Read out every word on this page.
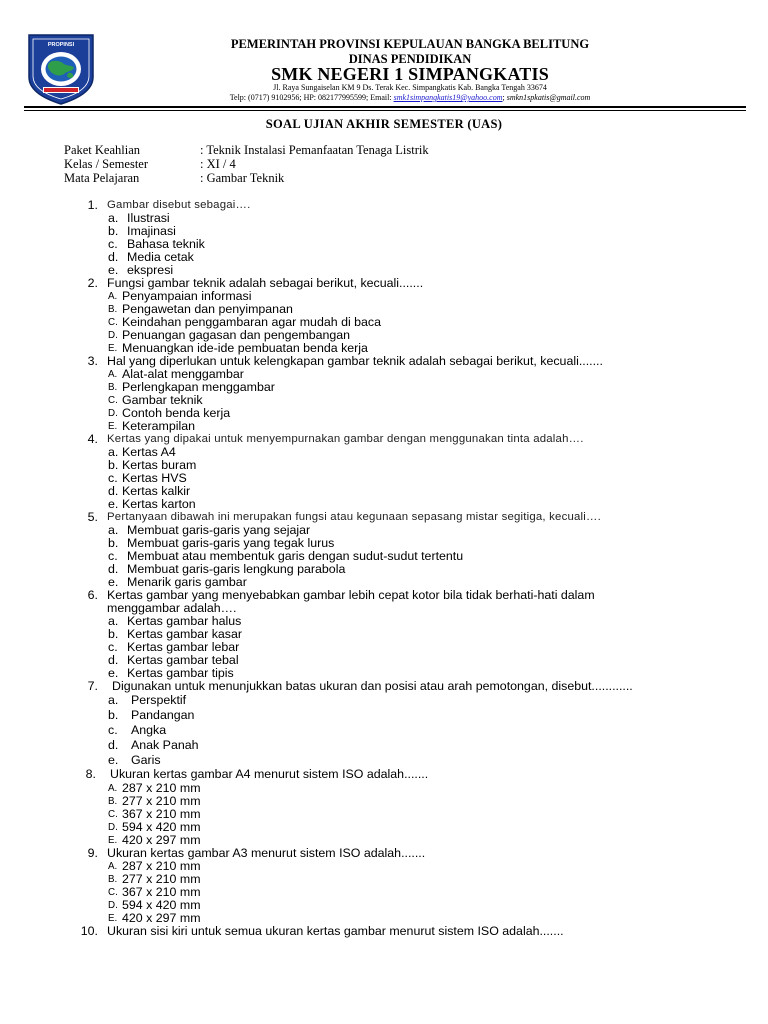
PROPINSI	PEMERINTAH PROVINSI KEPULAUAN BANGKA BELITUNG
DINAS PENDIDIKAN
SMK NEGERI 1 SIMPANGKATIS
Jl. Raya Sungaiselan KM 9 Ds. Terak Kec. Simpangkatis Kab. Bangka Tengah 33674
Telp: (0717) 9102956; HP: 082177995599; Email: smk1simpangkatis19@yahoo.com; smkn1spkatis@gmail.com
SOAL UJIAN AKHIR SEMESTER (UAS)
Paket Keahlian	: Teknik Instalasi Pemanfaatan Tenaga Listrik
Kelas / Semester	: XI / 4
Mata Pelajaran	: Gambar Teknik
1. Gambar disebut sebagai….
a. Ilustrasi
b. Imajinasi
c. Bahasa teknik
d. Media cetak
e. ekspresi
2. Fungsi gambar teknik adalah sebagai berikut, kecuali.......
A. Penyampaian informasi
B. Pengawetan dan penyimpanan
C. Keindahan penggambaran agar mudah di baca
D. Penuangan gagasan dan pengembangan
E. Menuangkan ide-ide pembuatan benda kerja
3. Hal yang diperlukan untuk kelengkapan gambar teknik adalah sebagai berikut, kecuali.......
A. Alat-alat menggambar
B. Perlengkapan menggambar
C. Gambar teknik
D. Contoh benda kerja
E. Keterampilan
4. Kertas yang dipakai untuk menyempurnakan gambar dengan menggunakan tinta adalah….
a. Kertas A4
b. Kertas buram
c. Kertas HVS
d. Kertas kalkir
e. Kertas karton
5. Pertanyaan dibawah ini merupakan fungsi atau kegunaan sepasang mistar segitiga, kecuali….
a. Membuat garis-garis yang sejajar
b. Membuat garis-garis yang tegak lurus
c. Membuat atau membentuk garis dengan sudut-sudut tertentu
d. Membuat garis-garis lengkung parabola
e. Menarik garis gambar
6. Kertas gambar yang menyebabkan gambar lebih cepat kotor bila tidak berhati-hati dalam
menggambar adalah….
a. Kertas gambar halus
b. Kertas gambar kasar
c. Kertas gambar lebar
d. Kertas gambar tebal
e. Kertas gambar tipis
7. Digunakan untuk menunjukkan batas ukuran dan posisi atau arah pemotongan, disebut............
a. Perspektif
b. Pandangan
c. Angka
d. Anak Panah
e. Garis
8. Ukuran kertas gambar A4 menurut sistem ISO adalah.......
A. 287 x 210 mm
B. 277 x 210 mm
C. 367 x 210 mm
D. 594 x 420 mm
E. 420 x 297 mm
9. Ukuran kertas gambar A3 menurut sistem ISO adalah.......
A. 287 x 210 mm
B. 277 x 210 mm
C. 367 x 210 mm
D. 594 x 420 mm
E. 420 x 297 mm
10. Ukuran sisi kiri untuk semua ukuran kertas gambar menurut sistem ISO adalah.......
